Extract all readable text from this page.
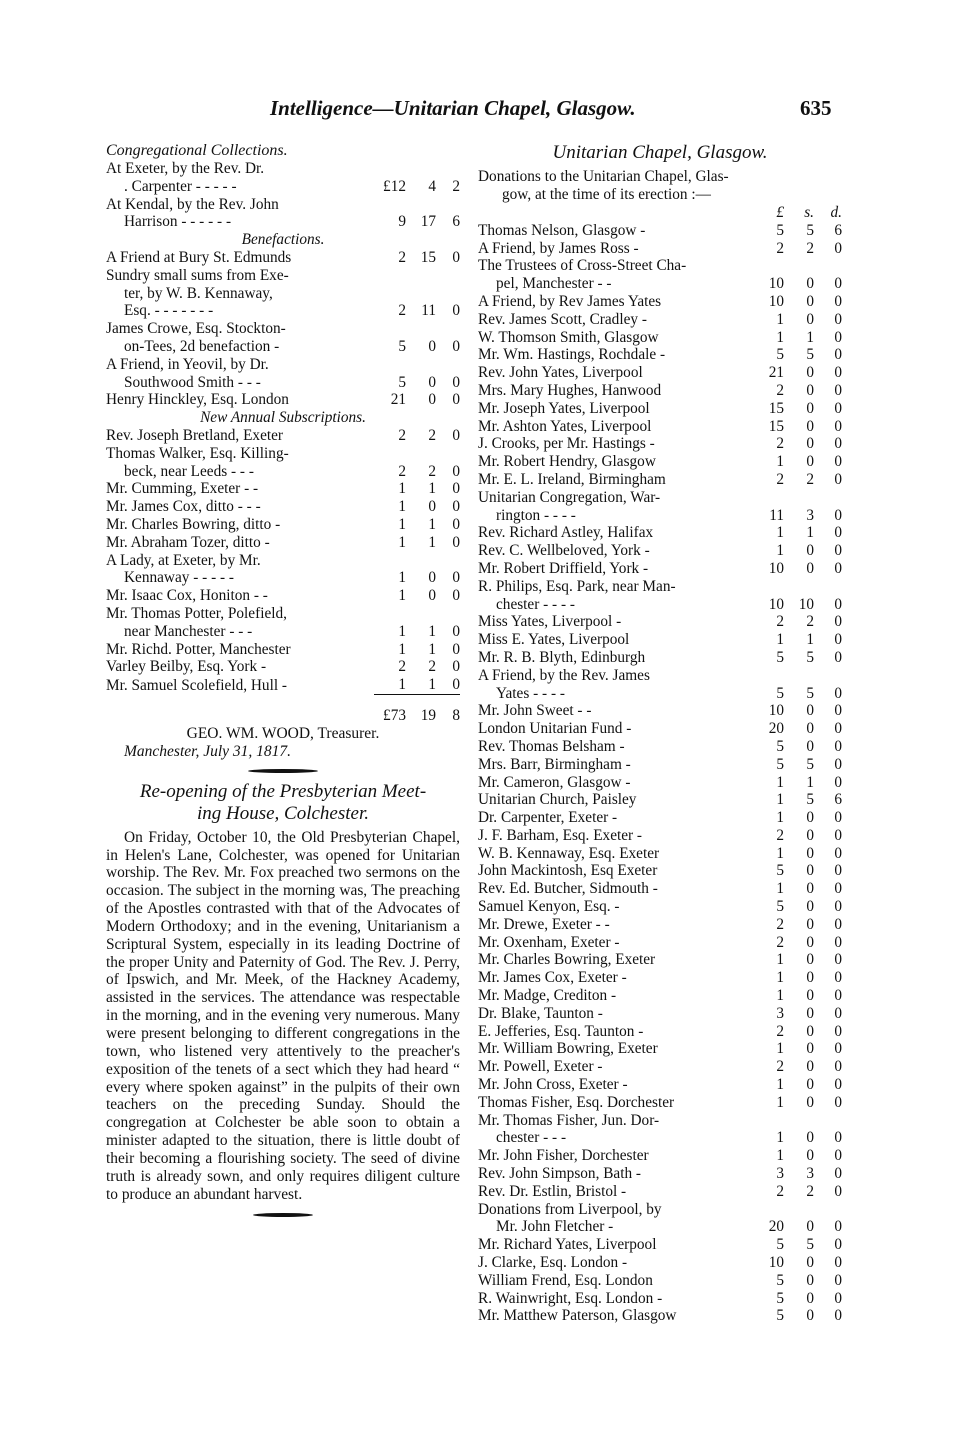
Intelligence—Unitarian Chapel, Glasgow.	635
Congregational Collections.
At Exeter, by the Rev. Dr.			
. Carpenter - - - - -	£12	4	2
At Kendal, by the Rev. John			
Harrison - - - - - -	9	17	6
Benefactions.			
A Friend at Bury St. Edmunds	2	15	0
Sundry small sums from Exe-			
ter, by W. B. Kennaway,			
Esq. - - - - - - -	2	11	0
James Crowe, Esq. Stockton-			
on-Tees, 2d benefaction -	5	0	0
A Friend, in Yeovil, by Dr.			
Southwood Smith - - -	5	0	0
Henry Hinckley, Esq. London	21	0	0
New Annual Subscriptions.			
Rev. Joseph Bretland, Exeter	2	2	0
Thomas Walker, Esq. Killing-			
beck, near Leeds - - -	2	2	0
Mr. Cumming, Exeter - -	1	1	0
Mr. James Cox, ditto - - -	1	0	0
Mr. Charles Bowring, ditto -	1	1	0
Mr. Abraham Tozer, ditto -	1	1	0
A Lady, at Exeter, by Mr.			
Kennaway - - - - -	1	0	0
Mr. Isaac Cox, Honiton - -	1	0	0
Mr. Thomas Potter, Polefield,			
near Manchester - - -	1	1	0
Mr. Richd. Potter, Manchester	1	1	0
Varley Beilby, Esq. York -	2	2	0
Mr. Samuel Scolefield, Hull -	1	1	0
	£73	19	8
GEO. WM. WOOD, Treasurer.
Manchester, July 31, 1817.
Re-opening of the Presbyterian Meet-
ing House, Colchester.
On Friday, October 10, the Old Presbyterian Chapel, in Helen's Lane, Colchester, was opened for Unitarian worship. The Rev. Mr. Fox preached two sermons on the occasion. The subject in the morning was, The preaching of the Apostles contrasted with that of the Advocates of Modern Orthodoxy; and in the evening, Unitarianism a Scriptural System, especially in its leading Doctrine of the proper Unity and Paternity of God. The Rev. J. Perry, of Ipswich, and Mr. Meek, of the Hackney Academy, assisted in the services. The attendance was respectable in the morning, and in the evening very numerous. Many were present belonging to different congregations in the town, who listened very attentively to the preacher's exposition of the tenets of a sect which they had heard “ every where spoken against” in the pulpits of their own teachers on the preceding Sunday. Should the congregation at Colchester be able soon to obtain a minister adapted to the situation, there is little doubt of their becoming a flourishing society. The seed of divine truth is already sown, and only requires diligent culture to produce an abundant harvest.
Unitarian Chapel, Glasgow.
Donations to the Unitarian Chapel, Glas-
gow, at the time of its erection :—
	£	s.	d.
Thomas Nelson, Glasgow -	5	5	6
A Friend, by James Ross -	2	2	0
The Trustees of Cross-Street Cha-			
pel, Manchester - -	10	0	0
A Friend, by Rev James Yates	10	0	0
Rev. James Scott, Cradley -	1	0	0
W. Thomson Smith, Glasgow	1	1	0
Mr. Wm. Hastings, Rochdale -	5	5	0
Rev. John Yates, Liverpool	21	0	0
Mrs. Mary Hughes, Hanwood	2	0	0
Mr. Joseph Yates, Liverpool	15	0	0
Mr. Ashton Yates, Liverpool	15	0	0
J. Crooks, per Mr. Hastings -	2	0	0
Mr. Robert Hendry, Glasgow	1	0	0
Mr. E. L. Ireland, Birmingham	2	2	0
Unitarian Congregation, War-			
rington - - - -	11	3	0
Rev. Richard Astley, Halifax	1	1	0
Rev. C. Wellbeloved, York -	1	0	0
Mr. Robert Driffield, York -	10	0	0
R. Philips, Esq. Park, near Man-			
chester - - - -	10	10	0
Miss Yates, Liverpool -	2	2	0
Miss E. Yates, Liverpool	1	1	0
Mr. R. B. Blyth, Edinburgh	5	5	0
A Friend, by the Rev. James			
Yates - - - -	5	5	0
Mr. John Sweet - -	10	0	0
London Unitarian Fund -	20	0	0
Rev. Thomas Belsham -	5	0	0
Mrs. Barr, Birmingham -	5	5	0
Mr. Cameron, Glasgow -	1	1	0
Unitarian Church, Paisley	1	5	6
Dr. Carpenter, Exeter -	1	0	0
J. F. Barham, Esq. Exeter -	2	0	0
W. B. Kennaway, Esq. Exeter	1	0	0
John Mackintosh, Esq Exeter	5	0	0
Rev. Ed. Butcher, Sidmouth -	1	0	0
Samuel Kenyon, Esq. -	5	0	0
Mr. Drewe, Exeter - -	2	0	0
Mr. Oxenham, Exeter -	2	0	0
Mr. Charles Bowring, Exeter	1	0	0
Mr. James Cox, Exeter -	1	0	0
Mr. Madge, Crediton -	1	0	0
Dr. Blake, Taunton -	3	0	0
E. Jefferies, Esq. Taunton -	2	0	0
Mr. William Bowring, Exeter	1	0	0
Mr. Powell, Exeter -	2	0	0
Mr. John Cross, Exeter -	1	0	0
Thomas Fisher, Esq. Dorchester	1	0	0
Mr. Thomas Fisher, Jun. Dor-			
chester - - -	1	0	0
Mr. John Fisher, Dorchester	1	0	0
Rev. John Simpson, Bath -	3	3	0
Rev. Dr. Estlin, Bristol -	2	2	0
Donations from Liverpool, by			
Mr. John Fletcher -	20	0	0
Mr. Richard Yates, Liverpool	5	5	0
J. Clarke, Esq. London -	10	0	0
William Frend, Esq. London	5	0	0
R. Wainwright, Esq. London -	5	0	0
Mr. Matthew Paterson, Glasgow	5	0	0
